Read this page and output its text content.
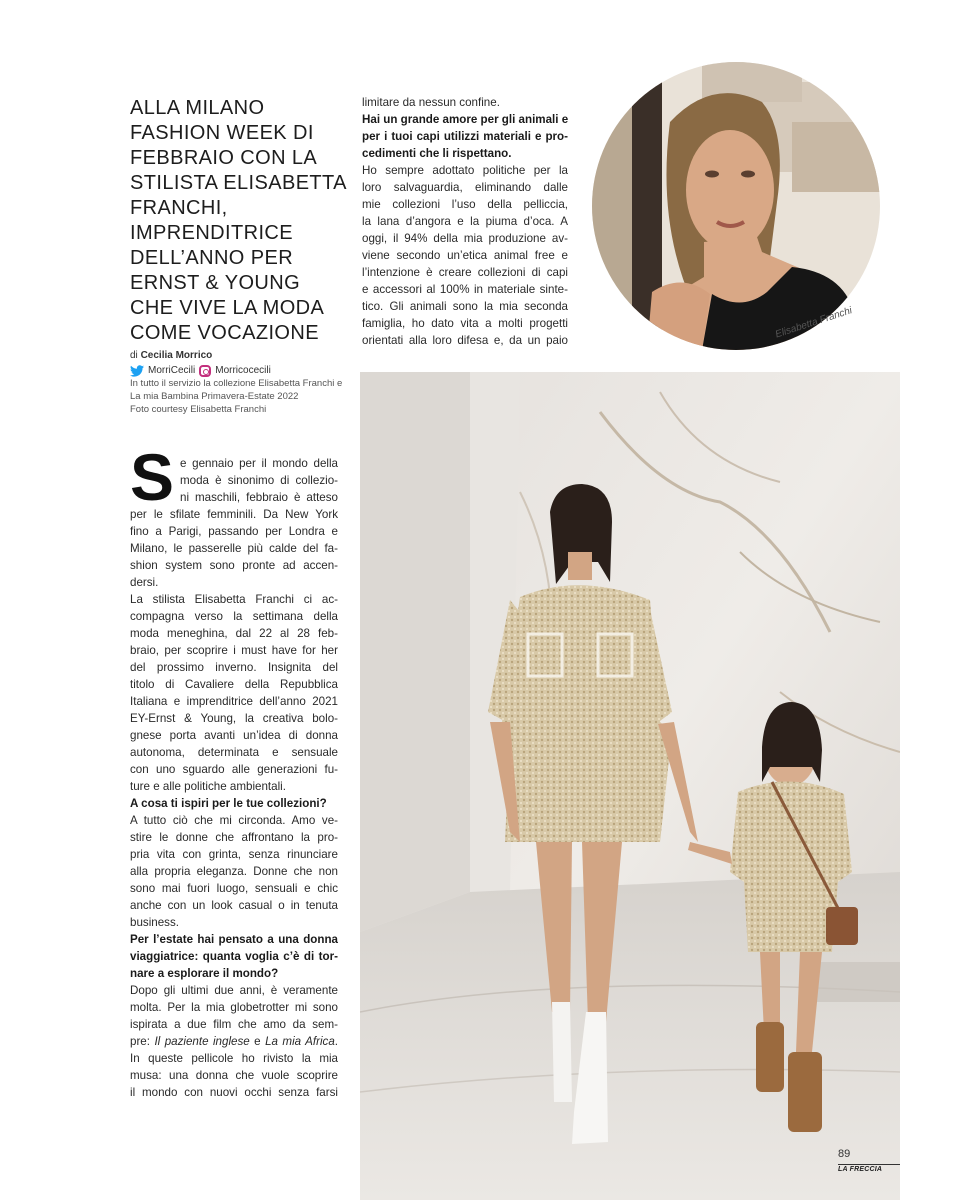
ALLA MILANO
FASHION WEEK DI
FEBBRAIO CON LA
STILISTA ELISABETTA
FRANCHI,
IMPRENDITRICE
DELL’ANNO PER
ERNST & YOUNG
CHE VIVE LA MODA
COME VOCAZIONE
di Cecilia Morrico
MorriCecili Morricocecili
In tutto il servizio la collezione Elisabetta Franchi e La mia Bambina Primavera-Estate 2022
Foto courtesy Elisabetta Franchi
S e gennaio per il mondo della
moda è sinonimo di collezio-
ni maschili, febbraio è atteso
per le sfilate femminili. Da New York
fino a Parigi, passando per Londra e
Milano, le passerelle più calde del fa-
shion system sono pronte ad accen-
dersi.
La stilista Elisabetta Franchi ci ac-
compagna verso la settimana della
moda meneghina, dal 22 al 28 feb-
braio, per scoprire i must have for her
del prossimo inverno. Insignita del
titolo di Cavaliere della Repubblica
Italiana e imprenditrice dell’anno 2021
EY-Ernst & Young, la creativa bolo-
gnese porta avanti un’idea di donna
autonoma, determinata e sensuale
con uno sguardo alle generazioni fu-
ture e alle politiche ambientali.
A cosa ti ispiri per le tue collezioni?
A tutto ciò che mi circonda. Amo ve-
stire le donne che affrontano la pro-
pria vita con grinta, senza rinunciare
alla propria eleganza. Donne che non
sono mai fuori luogo, sensuali e chic
anche con un look casual o in tenuta
business.
Per l’estate hai pensato a una donna
viaggiatrice: quanta voglia c’è di tor-
nare a esplorare il mondo?
Dopo gli ultimi due anni, è veramente
molta. Per la mia globetrotter mi sono
ispirata a due film che amo da sem-
pre: Il paziente inglese e La mia Africa.
In queste pellicole ho rivisto la mia
musa: una donna che vuole scoprire
il mondo con nuovi occhi senza farsi
limitare da nessun confine.
Hai un grande amore per gli animali e
per i tuoi capi utilizzi materiali e pro-
cedimenti che li rispettano.
Ho sempre adottato politiche per la
loro salvaguardia, eliminando dalle
mie collezioni l’uso della pelliccia,
la lana d’angora e la piuma d’oca. A
oggi, il 94% della mia produzione av-
viene secondo un’etica animal free e
l’intenzione è creare collezioni di capi
e accessori al 100% in materiale sinte-
tico. Gli animali sono la mia seconda
famiglia, ho dato vita a molti progetti
orientati alla loro difesa e, da un paio
Elisabetta Franchi
89
LA FRECCIA
